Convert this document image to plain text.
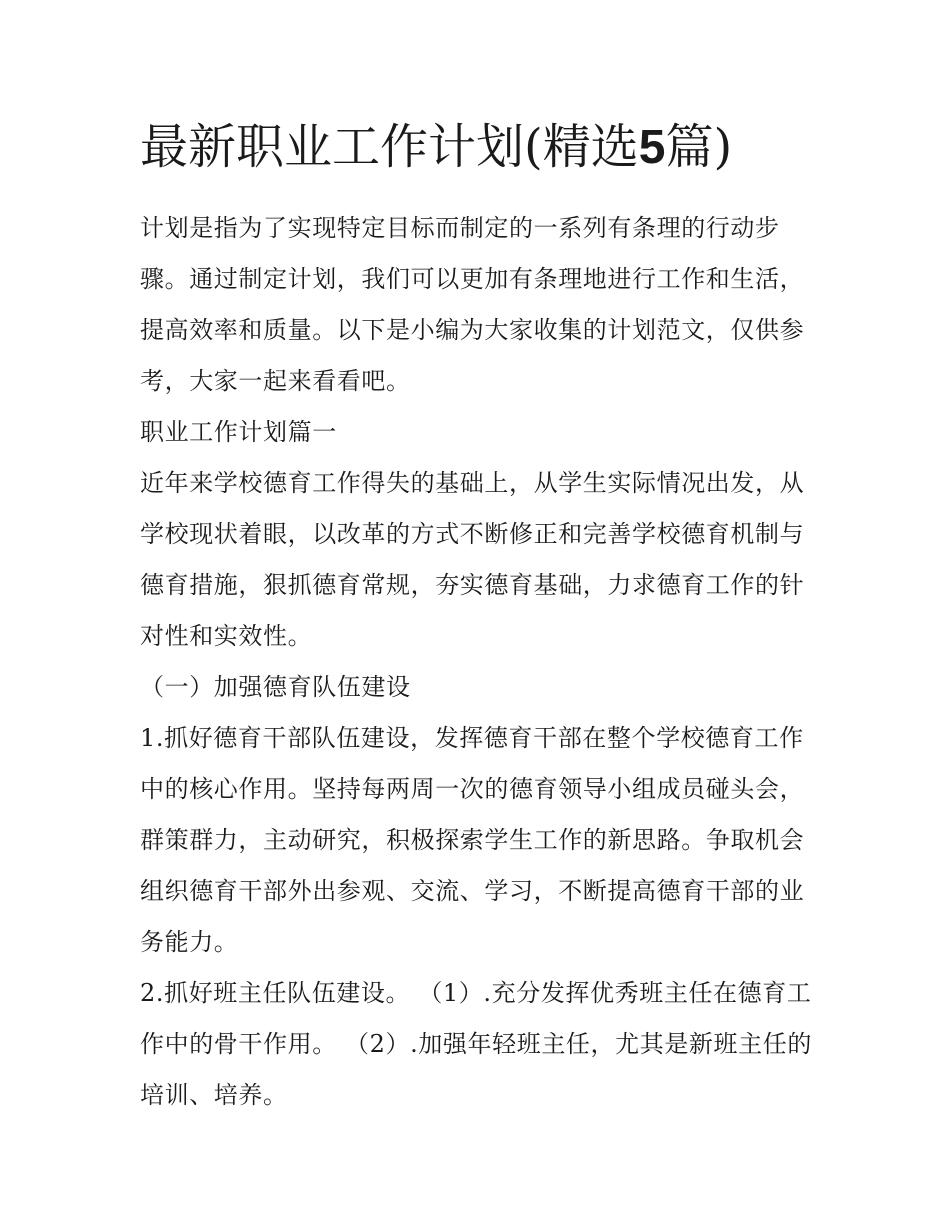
最新职业工作计划(精选5篇)
计划是指为了实现特定目标而制定的一系列有条理的行动步
骤。通过制定计划，我们可以更加有条理地进行工作和生活，
提高效率和质量。以下是小编为大家收集的计划范文，仅供参
考，大家一起来看看吧。
职业工作计划篇一
近年来学校德育工作得失的基础上，从学生实际情况出发，从
学校现状着眼，以改革的方式不断修正和完善学校德育机制与
德育措施，狠抓德育常规，夯实德育基础，力求德育工作的针
对性和实效性。
（一）加强德育队伍建设
1.抓好德育干部队伍建设，发挥德育干部在整个学校德育工作
中的核心作用。坚持每两周一次的德育领导小组成员碰头会，
群策群力，主动研究，积极探索学生工作的新思路。争取机会
组织德育干部外出参观、交流、学习，不断提高德育干部的业
务能力。
2.抓好班主任队伍建设。 （1）.充分发挥优秀班主任在德育工
作中的骨干作用。 （2）.加强年轻班主任，尤其是新班主任的
培训、培养。
